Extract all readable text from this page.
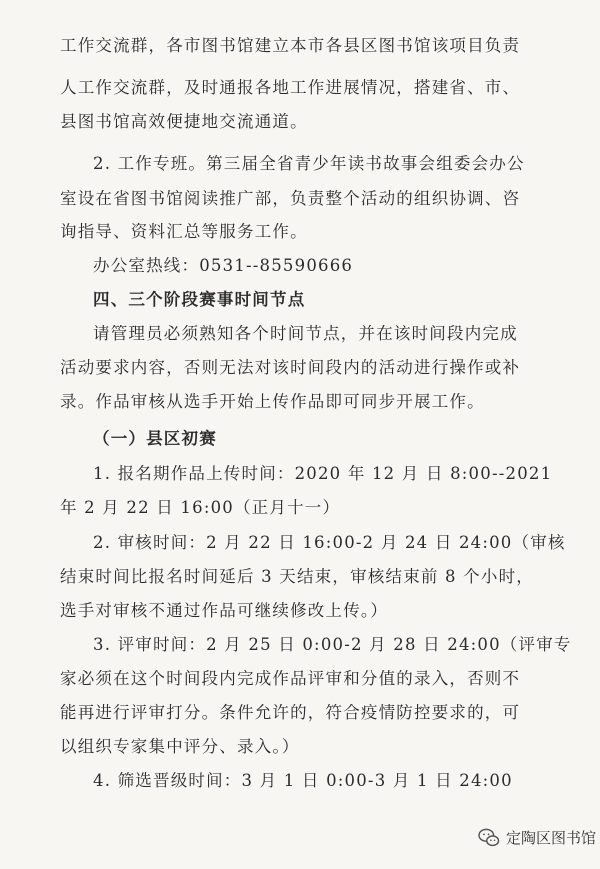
工作交流群，各市图书馆建立本市各县区图书馆该项目负责
人工作交流群，及时通报各地工作进展情况，搭建省、市、
县图书馆高效便捷地交流通道。
2. 工作专班。第三届全省青少年读书故事会组委会办公
室设在省图书馆阅读推广部，负责整个活动的组织协调、咨
询指导、资料汇总等服务工作。
办公室热线：0531--85590666
四、三个阶段赛事时间节点
请管理员必须熟知各个时间节点，并在该时间段内完成
活动要求内容，否则无法对该时间段内的活动进行操作或补
录。作品审核从选手开始上传作品即可同步开展工作。
（一）县区初赛
1. 报名期作品上传时间：2020 年 12 月 日 8:00--2021
年 2 月 22 日 16:00（正月十一）
2. 审核时间：2 月 22 日 16:00-2 月 24 日 24:00（审核
结束时间比报名时间延后 3 天结束，审核结束前 8 个小时，
选手对审核不通过作品可继续修改上传。）
3. 评审时间：2 月 25 日 0:00-2 月 28 日 24:00（评审专
家必须在这个时间段内完成作品评审和分值的录入，否则不
能再进行评审打分。条件允许的，符合疫情防控要求的，可
以组织专家集中评分、录入。）
4. 筛选晋级时间：3 月 1 日 0:00-3 月 1 日 24:00
定陶区图书馆
